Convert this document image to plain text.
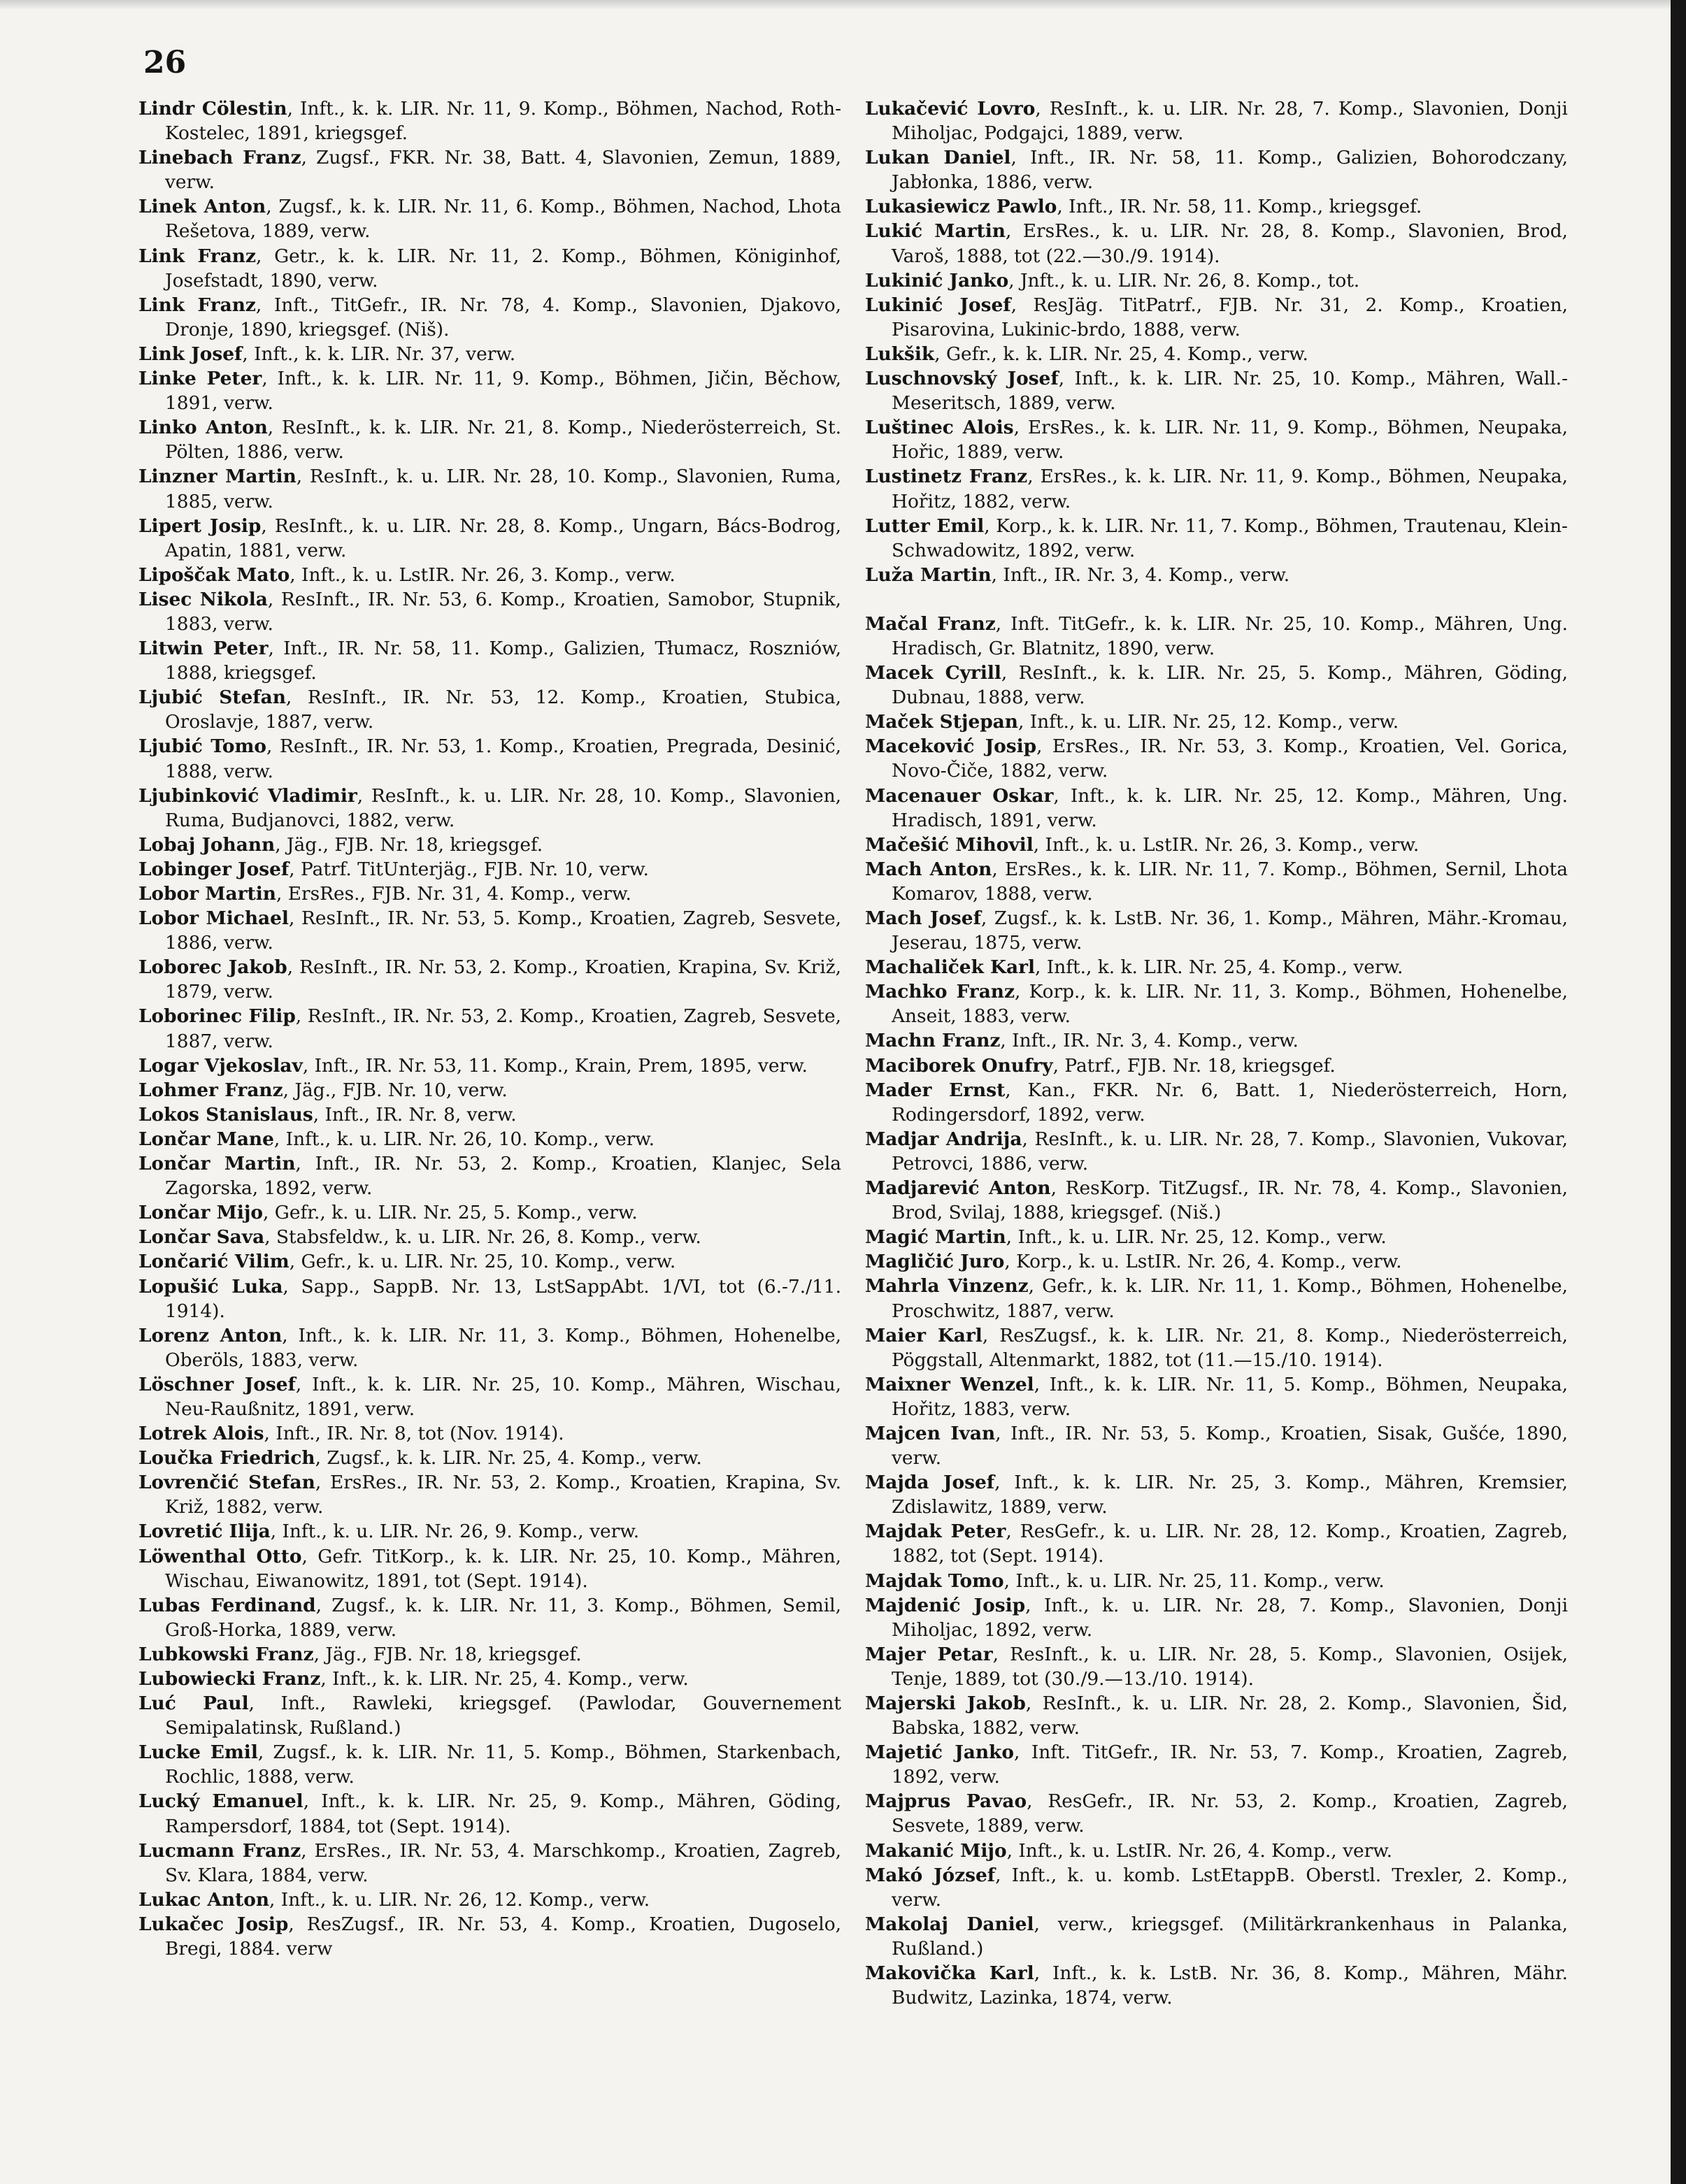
26
Lindr Cölestin, Inft., k. k. LIR. Nr. 11, 9. Komp., Böhmen, Nachod, Roth-Kostelec, 1891, kriegsgef.
Linebach Franz, Zugsf., FKR. Nr. 38, Batt. 4, Slavonien, Zemun, 1889, verw.
Linek Anton, Zugsf., k. k. LIR. Nr. 11, 6. Komp., Böhmen, Nachod, Lhota Rešetova, 1889, verw.
Link Franz, Getr., k. k. LIR. Nr. 11, 2. Komp., Böhmen, Königinhof, Josefstadt, 1890, verw.
Link Franz, Inft., TitGefr., IR. Nr. 78, 4. Komp., Slavonien, Djakovo, Dronje, 1890, kriegsgef. (Niš).
Link Josef, Inft., k. k. LIR. Nr. 37, verw.
Linke Peter, Inft., k. k. LIR. Nr. 11, 9. Komp., Böhmen, Jičin, Běchow, 1891, verw.
Linko Anton, ResInft., k. k. LIR. Nr. 21, 8. Komp., Niederösterreich, St. Pölten, 1886, verw.
Linzner Martin, ResInft., k. u. LIR. Nr. 28, 10. Komp., Slavonien, Ruma, 1885, verw.
Lipert Josip, ResInft., k. u. LIR. Nr. 28, 8. Komp., Ungarn, Bács-Bodrog, Apatin, 1881, verw.
Lipoščak Mato, Inft., k. u. LstIR. Nr. 26, 3. Komp., verw.
Lisec Nikola, ResInft., IR. Nr. 53, 6. Komp., Kroatien, Samobor, Stupnik, 1883, verw.
Litwin Peter, Inft., IR. Nr. 58, 11. Komp., Galizien, Tłumacz, Roszniów, 1888, kriegsgef.
Ljubić Stefan, ResInft., IR. Nr. 53, 12. Komp., Kroatien, Stubica, Oroslavje, 1887, verw.
Ljubić Tomo, ResInft., IR. Nr. 53, 1. Komp., Kroatien, Pregrada, Desinić, 1888, verw.
Ljubinković Vladimir, ResInft., k. u. LIR. Nr. 28, 10. Komp., Slavonien, Ruma, Budjanovci, 1882, verw.
Lobaj Johann, Jäg., FJB. Nr. 18, kriegsgef.
Lobinger Josef, Patrf. TitUnterjäg., FJB. Nr. 10, verw.
Lobor Martin, ErsRes., FJB. Nr. 31, 4. Komp., verw.
Lobor Michael, ResInft., IR. Nr. 53, 5. Komp., Kroatien, Zagreb, Sesvete, 1886, verw.
Loborec Jakob, ResInft., IR. Nr. 53, 2. Komp., Kroatien, Krapina, Sv. Križ, 1879, verw.
Loborinec Filip, ResInft., IR. Nr. 53, 2. Komp., Kroatien, Zagreb, Sesvete, 1887, verw.
Logar Vjekoslav, Inft., IR. Nr. 53, 11. Komp., Krain, Prem, 1895, verw.
Lohmer Franz, Jäg., FJB. Nr. 10, verw.
Lokos Stanislaus, Inft., IR. Nr. 8, verw.
Lončar Mane, Inft., k. u. LIR. Nr. 26, 10. Komp., verw.
Lončar Martin, Inft., IR. Nr. 53, 2. Komp., Kroatien, Klanjec, Sela Zagorska, 1892, verw.
Lončar Mijo, Gefr., k. u. LIR. Nr. 25, 5. Komp., verw.
Lončar Sava, Stabsfeldw., k. u. LIR. Nr. 26, 8. Komp., verw.
Lončarić Vilim, Gefr., k. u. LIR. Nr. 25, 10. Komp., verw.
Lopušić Luka, Sapp., SappB. Nr. 13, LstSappAbt. 1/VI, tot (6.-7./11. 1914).
Lorenz Anton, Inft., k. k. LIR. Nr. 11, 3. Komp., Böhmen, Hohenelbe, Oberöls, 1883, verw.
Löschner Josef, Inft., k. k. LIR. Nr. 25, 10. Komp., Mähren, Wischau, Neu-Raußnitz, 1891, verw.
Lotrek Alois, Inft., IR. Nr. 8, tot (Nov. 1914).
Loučka Friedrich, Zugsf., k. k. LIR. Nr. 25, 4. Komp., verw.
Lovrenčić Stefan, ErsRes., IR. Nr. 53, 2. Komp., Kroatien, Krapina, Sv. Križ, 1882, verw.
Lovretić Ilija, Inft., k. u. LIR. Nr. 26, 9. Komp., verw.
Löwenthal Otto, Gefr. TitKorp., k. k. LIR. Nr. 25, 10. Komp., Mähren, Wischau, Eiwanowitz, 1891, tot (Sept. 1914).
Lubas Ferdinand, Zugsf., k. k. LIR. Nr. 11, 3. Komp., Böhmen, Semil, Groß-Horka, 1889, verw.
Lubkowski Franz, Jäg., FJB. Nr. 18, kriegsgef.
Lubowiecki Franz, Inft., k. k. LIR. Nr. 25, 4. Komp., verw.
Luć Paul, Inft., Rawleki, kriegsgef. (Pawlodar, Gouvernement Semipalatinsk, Rußland.)
Lucke Emil, Zugsf., k. k. LIR. Nr. 11, 5. Komp., Böhmen, Starkenbach, Rochlic, 1888, verw.
Lucký Emanuel, Inft., k. k. LIR. Nr. 25, 9. Komp., Mähren, Göding, Rampersdorf, 1884, tot (Sept. 1914).
Lucmann Franz, ErsRes., IR. Nr. 53, 4. Marschkomp., Kroatien, Zagreb, Sv. Klara, 1884, verw.
Lukac Anton, Inft., k. u. LIR. Nr. 26, 12. Komp., verw.
Lukačec Josip, ResZugsf., IR. Nr. 53, 4. Komp., Kroatien, Dugoselo, Bregi, 1884. verw
Lukačević Lovro, ResInft., k. u. LIR. Nr. 28, 7. Komp., Slavonien, Donji Miholjac, Podgajci, 1889, verw.
Lukan Daniel, Inft., IR. Nr. 58, 11. Komp., Galizien, Bohorodczany, Jabłonka, 1886, verw.
Lukasiewicz Pawlo, Inft., IR. Nr. 58, 11. Komp., kriegsgef.
Lukić Martin, ErsRes., k. u. LIR. Nr. 28, 8. Komp., Slavonien, Brod, Varoš, 1888, tot (22.—30./9. 1914).
Lukinić Janko, Jnft., k. u. LIR. Nr. 26, 8. Komp., tot.
Lukinić Josef, ResJäg. TitPatrf., FJB. Nr. 31, 2. Komp., Kroatien, Pisarovina, Lukinic-brdo, 1888, verw.
Lukšik, Gefr., k. k. LIR. Nr. 25, 4. Komp., verw.
Luschnovský Josef, Inft., k. k. LIR. Nr. 25, 10. Komp., Mähren, Wall.-Meseritsch, 1889, verw.
Luštinec Alois, ErsRes., k. k. LIR. Nr. 11, 9. Komp., Böhmen, Neupaka, Hořic, 1889, verw.
Lustinetz Franz, ErsRes., k. k. LIR. Nr. 11, 9. Komp., Böhmen, Neupaka, Hořitz, 1882, verw.
Lutter Emil, Korp., k. k. LIR. Nr. 11, 7. Komp., Böhmen, Trautenau, Klein-Schwadowitz, 1892, verw.
Luža Martin, Inft., IR. Nr. 3, 4. Komp., verw.
Mačal Franz, Inft. TitGefr., k. k. LIR. Nr. 25, 10. Komp., Mähren, Ung. Hradisch, Gr. Blatnitz, 1890, verw.
Macek Cyrill, ResInft., k. k. LIR. Nr. 25, 5. Komp., Mähren, Göding, Dubnau, 1888, verw.
Maček Stjepan, Inft., k. u. LIR. Nr. 25, 12. Komp., verw.
Maceković Josip, ErsRes., IR. Nr. 53, 3. Komp., Kroatien, Vel. Gorica, Novo-Čiče, 1882, verw.
Macenauer Oskar, Inft., k. k. LIR. Nr. 25, 12. Komp., Mähren, Ung. Hradisch, 1891, verw.
Mačešić Mihovil, Inft., k. u. LstIR. Nr. 26, 3. Komp., verw.
Mach Anton, ErsRes., k. k. LIR. Nr. 11, 7. Komp., Böhmen, Sernil, Lhota Komarov, 1888, verw.
Mach Josef, Zugsf., k. k. LstB. Nr. 36, 1. Komp., Mähren, Mähr.-Kromau, Jeserau, 1875, verw.
Machaliček Karl, Inft., k. k. LIR. Nr. 25, 4. Komp., verw.
Machko Franz, Korp., k. k. LIR. Nr. 11, 3. Komp., Böhmen, Hohenelbe, Anseit, 1883, verw.
Machn Franz, Inft., IR. Nr. 3, 4. Komp., verw.
Maciborek Onufry, Patrf., FJB. Nr. 18, kriegsgef.
Mader Ernst, Kan., FKR. Nr. 6, Batt. 1, Niederösterreich, Horn, Rodingersdorf, 1892, verw.
Madjar Andrija, ResInft., k. u. LIR. Nr. 28, 7. Komp., Slavonien, Vukovar, Petrovci, 1886, verw.
Madjarević Anton, ResKorp. TitZugsf., IR. Nr. 78, 4. Komp., Slavonien, Brod, Svilaj, 1888, kriegsgef. (Niš.)
Magić Martin, Inft., k. u. LIR. Nr. 25, 12. Komp., verw.
Magličić Juro, Korp., k. u. LstIR. Nr. 26, 4. Komp., verw.
Mahrla Vinzenz, Gefr., k. k. LIR. Nr. 11, 1. Komp., Böhmen, Hohenelbe, Proschwitz, 1887, verw.
Maier Karl, ResZugsf., k. k. LIR. Nr. 21, 8. Komp., Niederösterreich, Pöggstall, Altenmarkt, 1882, tot (11.—15./10. 1914).
Maixner Wenzel, Inft., k. k. LIR. Nr. 11, 5. Komp., Böhmen, Neupaka, Hořitz, 1883, verw.
Majcen Ivan, Inft., IR. Nr. 53, 5. Komp., Kroatien, Sisak, Gušće, 1890, verw.
Majda Josef, Inft., k. k. LIR. Nr. 25, 3. Komp., Mähren, Kremsier, Zdislawitz, 1889, verw.
Majdak Peter, ResGefr., k. u. LIR. Nr. 28, 12. Komp., Kroatien, Zagreb, 1882, tot (Sept. 1914).
Majdak Tomo, Inft., k. u. LIR. Nr. 25, 11. Komp., verw.
Majdenić Josip, Inft., k. u. LIR. Nr. 28, 7. Komp., Slavonien, Donji Miholjac, 1892, verw.
Majer Petar, ResInft., k. u. LIR. Nr. 28, 5. Komp., Slavonien, Osijek, Tenje, 1889, tot (30./9.—13./10. 1914).
Majerski Jakob, ResInft., k. u. LIR. Nr. 28, 2. Komp., Slavonien, Šid, Babska, 1882, verw.
Majetić Janko, Inft. TitGefr., IR. Nr. 53, 7. Komp., Kroatien, Zagreb, 1892, verw.
Majprus Pavao, ResGefr., IR. Nr. 53, 2. Komp., Kroatien, Zagreb, Sesvete, 1889, verw.
Makanić Mijo, Inft., k. u. LstIR. Nr. 26, 4. Komp., verw.
Makó József, Inft., k. u. komb. LstEtappB. Oberstl. Trexler, 2. Komp., verw.
Makolaj Daniel, verw., kriegsgef. (Militärkrankenhaus in Palanka, Rußland.)
Makovička Karl, Inft., k. k. LstB. Nr. 36, 8. Komp., Mähren, Mähr. Budwitz, Lazinka, 1874, verw.
